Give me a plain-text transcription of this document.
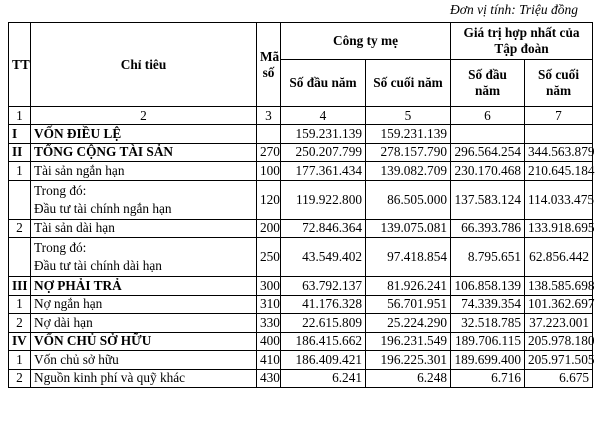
Đơn vị tính: Triệu đồng
TT	Chỉ tiêu	Mã số	Công ty mẹ		Giá trị hợp nhất của Tập đoàn	
			Số đầu năm	Số cuối năm	Số đầu năm	Số cuối năm
1	2	3	4	5	6	7
I	VỐN ĐIỀU LỆ		159.231.139	159.231.139		
II	TỔNG CỘNG TÀI SẢN	270	250.207.799	278.157.790	296.564.254	344.563.879
1	Tài sản ngắn hạn	100	177.361.434	139.082.709	230.170.468	210.645.184

	Trong đó:
Đầu tư tài chính ngắn hạn	120	119.922.800	86.505.000	137.583.124	114.033.475
2	Tài sản dài hạn	200	72.846.364	139.075.081	66.393.786	133.918.695

	Trong đó:
Đầu tư tài chính dài hạn	250	43.549.402	97.418.854	8.795.651	62.856.442
III	NỢ PHẢI TRẢ	300	63.792.137	81.926.241	106.858.139	138.585.698
1	Nợ ngắn hạn	310	41.176.328	56.701.951	74.339.354	101.362.697
2	Nợ dài hạn	330	22.615.809	25.224.290	32.518.785	37.223.001
IV	VỐN CHỦ SỞ HỮU	400	186.415.662	196.231.549	189.706.115	205.978.180
1	Vốn chủ sở hữu	410	186.409.421	196.225.301	189.699.400	205.971.505
2	Nguồn kinh phí và quỹ khác	430	6.241	6.248	6.716	6.675
